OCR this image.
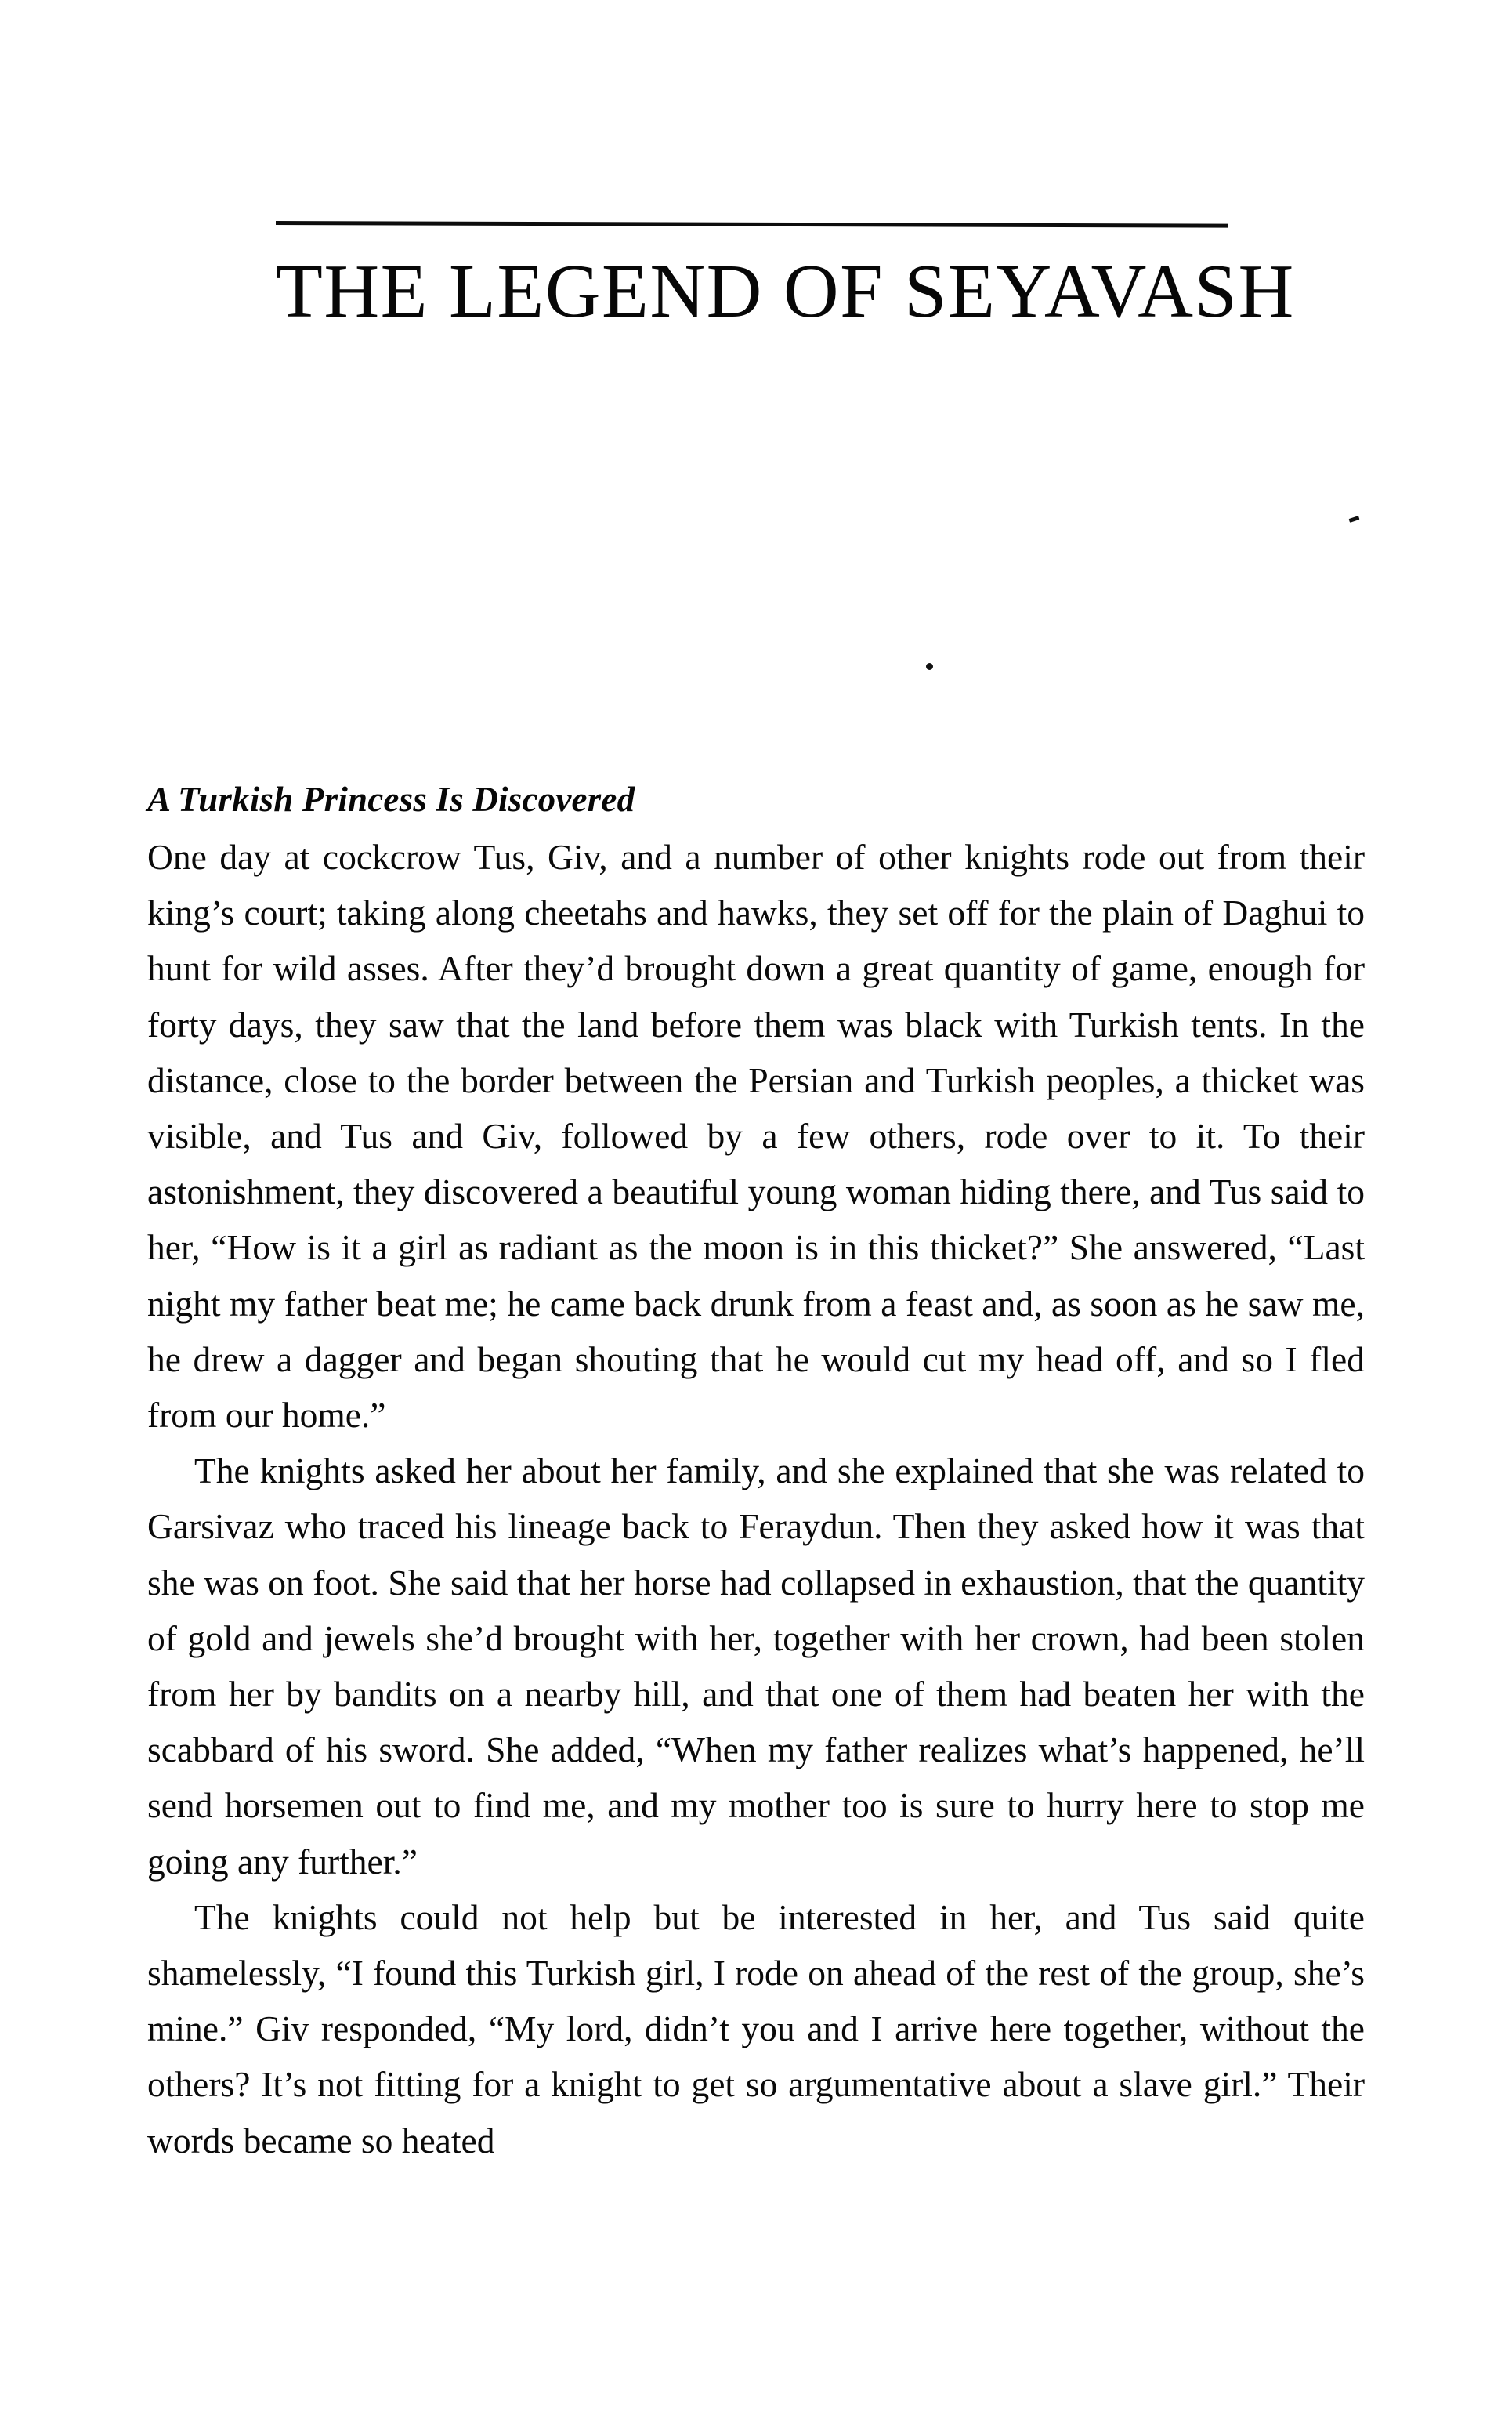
THE LEGEND OF SEYAVASH
A Turkish Princess Is Discovered

One day at cockcrow Tus, Giv, and a number of other knights rode out from their king’s court; taking along cheetahs and hawks, they set off for the plain of Daghui to hunt for wild asses. After they’d brought down a great quantity of game, enough for forty days, they saw that the land before them was black with Turkish tents. In the distance, close to the border between the Persian and Turkish peoples, a thicket was visible, and Tus and Giv, followed by a few others, rode over to it. To their astonishment, they discovered a beautiful young woman hiding there, and Tus said to her, “How is it a girl as radiant as the moon is in this thicket?” She answered, “Last night my father beat me; he came back drunk from a feast and, as soon as he saw me, he drew a dagger and began shouting that he would cut my head off, and so I fled from our home.”

The knights asked her about her family, and she explained that she was related to Garsivaz who traced his lineage back to Feraydun. Then they asked how it was that she was on foot. She said that her horse had collapsed in exhaustion, that the quantity of gold and jewels she’d brought with her, together with her crown, had been stolen from her by bandits on a nearby hill, and that one of them had beaten her with the scabbard of his sword. She added, “When my father realizes what’s happened, he’ll send horsemen out to find me, and my mother too is sure to hurry here to stop me going any further.”

The knights could not help but be interested in her, and Tus said quite shamelessly, “I found this Turkish girl, I rode on ahead of the rest of the group, she’s mine.” Giv responded, “My lord, didn’t you and I arrive here together, without the others? It’s not fitting for a knight to get so argumentative about a slave girl.” Their words became so heated
